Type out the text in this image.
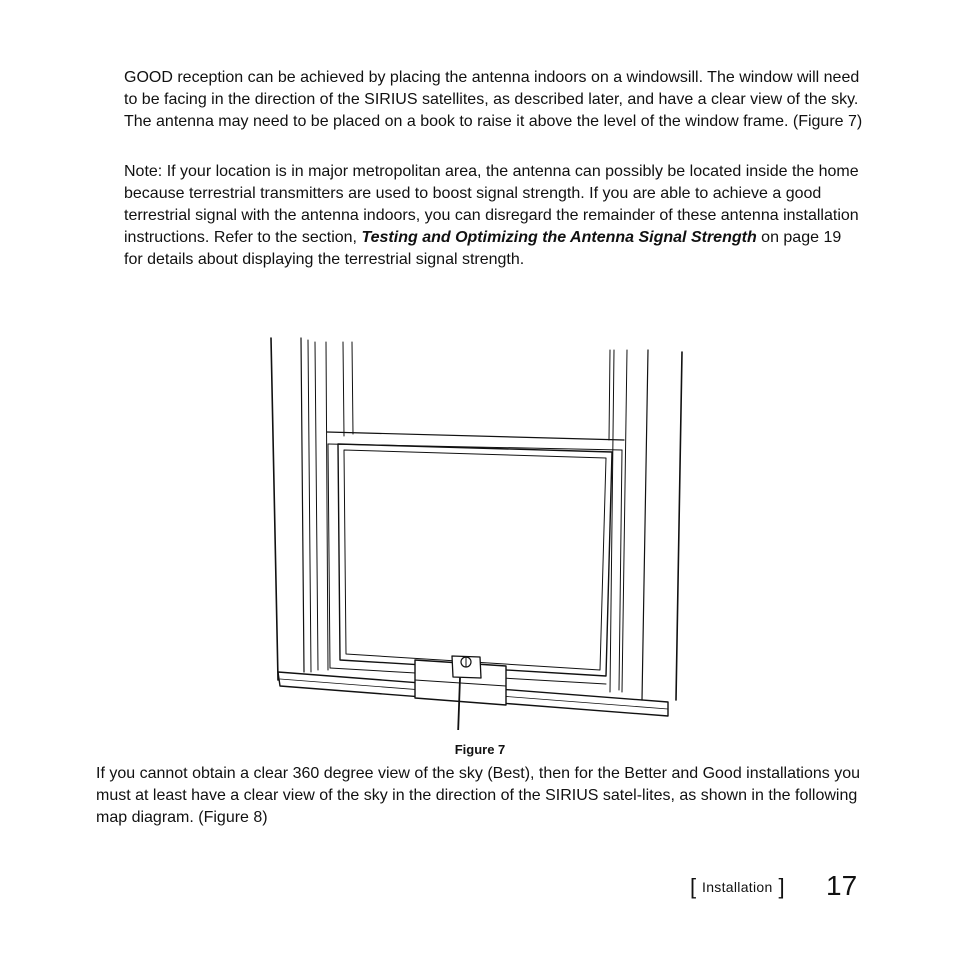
GOOD reception can be achieved by placing the antenna indoors on a windowsill. The window will need to be facing in the direction of the SIRIUS satellites, as described later, and have a clear view of the sky. The antenna may need to be placed on a book to raise it above the level of the window frame. (Figure 7)

Note: If your location is in major metropolitan area, the antenna can possibly be located inside the home because terrestrial transmitters are used to boost signal strength. If you are able to achieve a good terrestrial signal with the antenna indoors, you can disregard the remainder of these antenna installation instructions. Refer to the section, Testing and Optimizing the Antenna Signal Strength on page 19 for details about displaying the terrestrial signal strength.

Figure 7

If you cannot obtain a clear 360 degree view of the sky (Best), then for the Better and Good installations you must at least have a clear view of the sky in the direction of the SIRIUS satel-lites, as shown in the following map diagram. (Figure 8)

[ Installation ] 17
